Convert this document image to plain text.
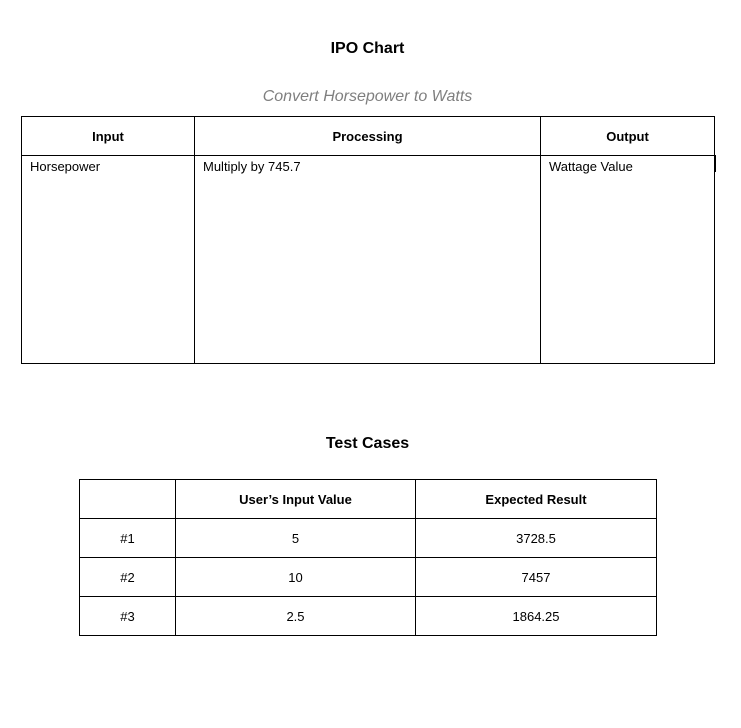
IPO Chart
Convert Horsepower to Watts
Input	Processing	Output
Horsepower	Multiply by 745.7	Wattage Value
Test Cases
	User’s Input Value	Expected Result
#1	5	3728.5
#2	10	7457
#3	2.5	1864.25
